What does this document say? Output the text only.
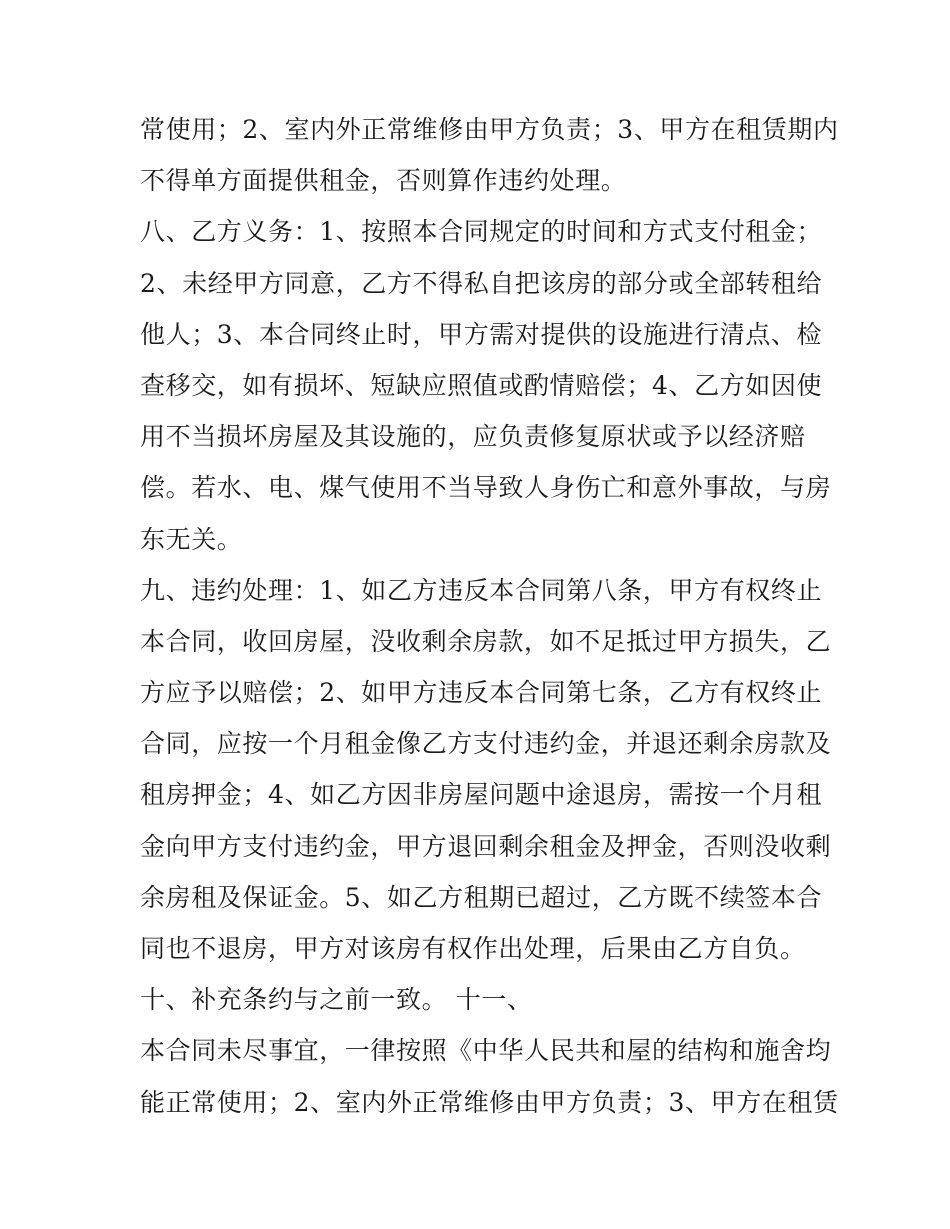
常使用；2、室内外正常维修由甲方负责；3、甲方在租赁期内
不得单方面提供租金，否则算作违约处理。
八、乙方义务：1、按照本合同规定的时间和方式支付租金；
2、未经甲方同意，乙方不得私自把该房的部分或全部转租给
他人；3、本合同终止时，甲方需对提供的设施进行清点、检
查移交，如有损坏、短缺应照值或酌情赔偿；4、乙方如因使
用不当损坏房屋及其设施的，应负责修复原状或予以经济赔
偿。若水、电、煤气使用不当导致人身伤亡和意外事故，与房
东无关。
九、违约处理：1、如乙方违反本合同第八条，甲方有权终止
本合同，收回房屋，没收剩余房款，如不足抵过甲方损失，乙
方应予以赔偿；2、如甲方违反本合同第七条，乙方有权终止
合同，应按一个月租金像乙方支付违约金，并退还剩余房款及
租房押金；4、如乙方因非房屋问题中途退房，需按一个月租
金向甲方支付违约金，甲方退回剩余租金及押金，否则没收剩
余房租及保证金。5、如乙方租期已超过，乙方既不续签本合
同也不退房，甲方对该房有权作出处理，后果由乙方自负。
十、补充条约与之前一致。 十一、
本合同未尽事宜，一律按照《中华人民共和屋的结构和施舍均
能正常使用；2、室内外正常维修由甲方负责；3、甲方在租赁
